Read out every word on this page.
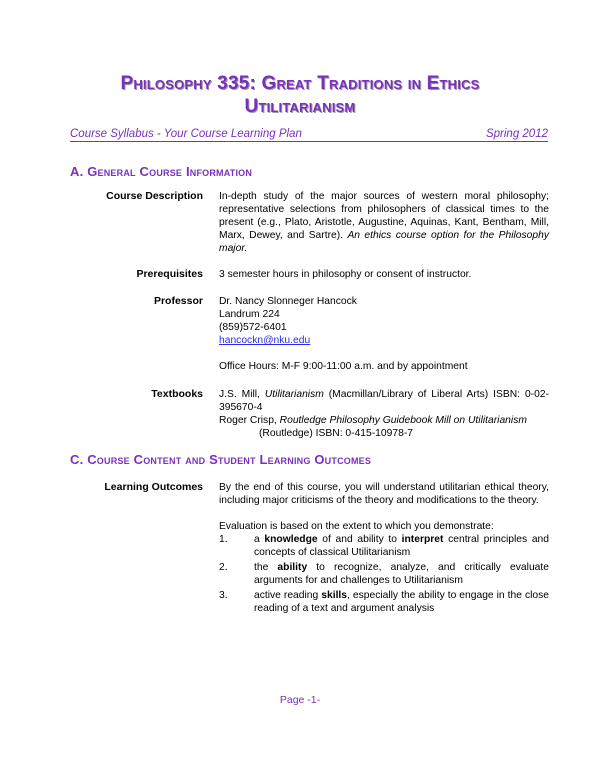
Philosophy 335: Great Traditions in Ethics
Utilitarianism
Course Syllabus - Your Course Learning Plan	Spring 2012
A. General Course Information
Course Description In-depth study of the major sources of western moral philosophy; representative selections from philosophers of classical times to the present (e.g., Plato, Aristotle, Augustine, Aquinas, Kant, Bentham, Mill, Marx, Dewey, and Sartre). An ethics course option for the Philosophy major.
Prerequisites 3 semester hours in philosophy or consent of instructor.
Professor Dr. Nancy Slonneger Hancock

Landrum 224

(859)572-6401

hancockn@nku.edu

Office Hours: M-F 9:00-11:00 a.m. and by appointment

Textbooks J.S. Mill, Utilitarianism (Macmillan/Library of Liberal Arts) ISBN: 0-02-395670-4

Roger Crisp, Routledge Philosophy Guidebook Mill on Utilitarianism

(Routledge) ISBN: 0-415-10978-7

C. Course Content and Student Learning Outcomes
Learning Outcomes By the end of this course, you will understand utilitarian ethical theory, including major criticisms of the theory and modifications to the theory.

Evaluation is based on the extent to which you demonstrate:

1.	a knowledge of and ability to interpret central principles and concepts of classical Utilitarianism
2.	the ability to recognize, analyze, and critically evaluate arguments for and challenges to Utilitarianism
3.	active reading skills, especially the ability to engage in the close reading of a text and argument analysis
Page -1-
